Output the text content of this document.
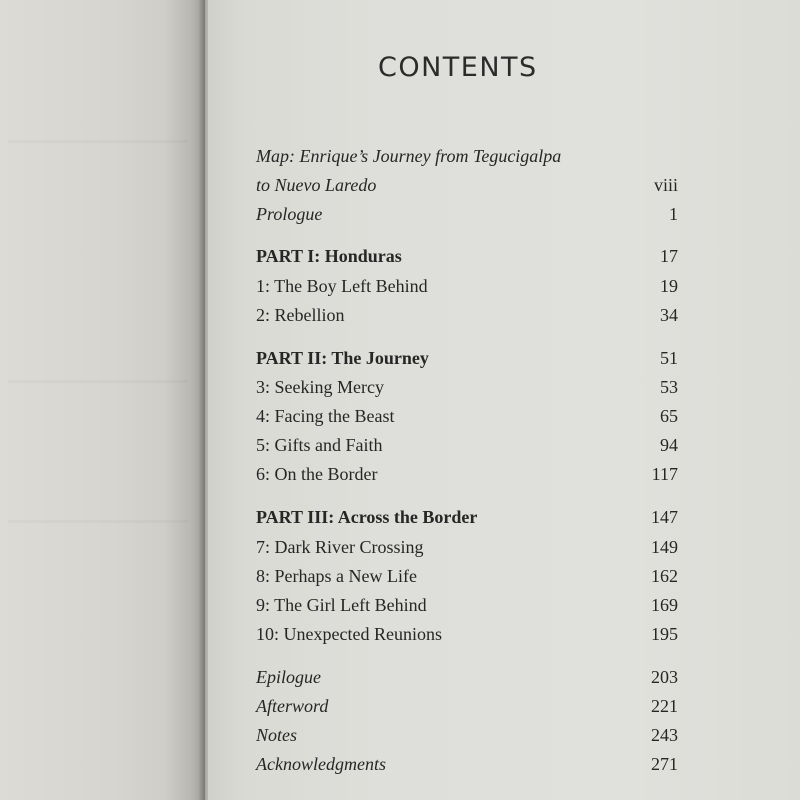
CONTENTS
Map: Enrique’s Journey from Tegucigalpa
to Nuevo Laredo	viii
Prologue	1
PART I: Honduras	17
1: The Boy Left Behind	19
2: Rebellion	34
PART II: The Journey	51
3: Seeking Mercy	53
4: Facing the Beast	65
5: Gifts and Faith	94
6: On the Border	117
PART III: Across the Border	147
7: Dark River Crossing	149
8: Perhaps a New Life	162
9: The Girl Left Behind	169
10: Unexpected Reunions	195
Epilogue	203
Afterword	221
Notes	243
Acknowledgments	271
